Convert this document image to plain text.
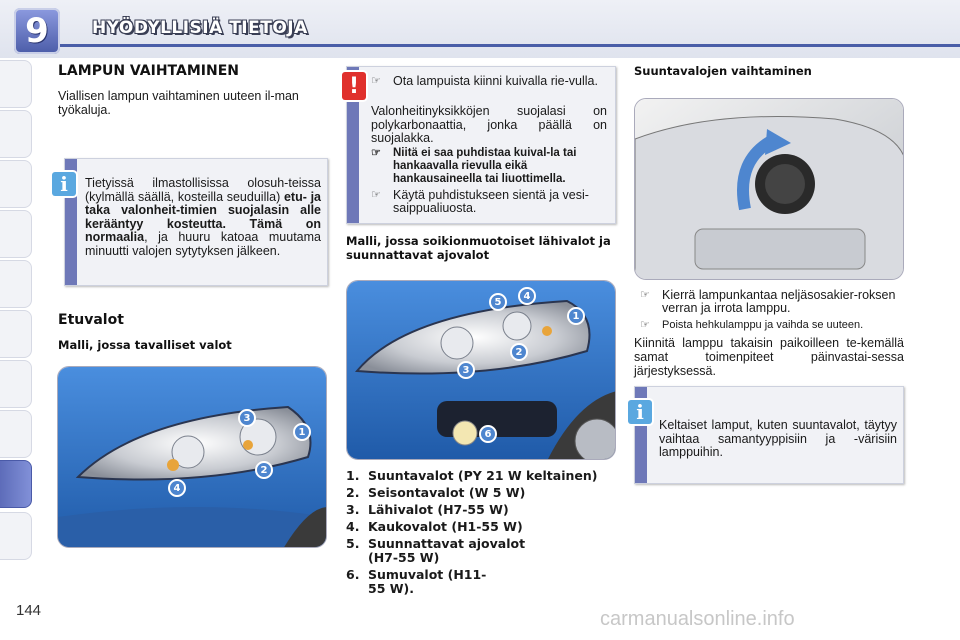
9	HYÖDYLLISIÄ TIETOJA
144
LAMPUN VAIHTAMINEN
Viallisen lampun vaihtaminen uuteen il-man työkaluja.
Tietyissä ilmastollisissa olosuh-teissa (kylmällä säällä, kosteilla seuduilla) etu- ja taka valonheit-timien suojalasin alle kerääntyy kosteutta. Tämä on normaalia, ja huuru katoaa muutama minuutti valojen sytytyksen jälkeen.
i
Etuvalot
Malli, jossa tavalliset valot
1
2
3
4
☞ Ota lampuista kiinni kuivalla rie-vulla.
Valonheitinyksikköjen suojalasi on polykarbonaattia, jonka päällä on suojalakka.
☞	Niitä ei saa puhdistaa kuival-la tai hankaavalla rievulla eikä hankausaineella tai liuottimella.
☞ Käytä puhdistukseen sientä ja vesi-saippualiuosta.
!
Malli, jossa soikionmuotoiset lähivalot ja suunnattavat ajovalot
1
2
3
4
5
6
1. Suuntavalot (PY 21 W keltainen)
2. Seisontavalot (W 5 W)
3. Lähivalot (H7-55 W)
4. Kaukovalot (H1-55 W)
5. Suunnattavat ajovalot (H7-55 W)
6. Sumuvalot (H11-55 W).
Suuntavalojen vaihtaminen
☞ Kierrä lampunkantaa neljäsosakier-roksen verran ja irrota lamppu.
☞	Poista hehkulamppu ja vaihda se uuteen.
Kiinnitä lamppu takaisin paikoilleen te-kemällä samat toimenpiteet päinvastai-sessa järjestyksessä.
Keltaiset lamput, kuten suuntavalot, täytyy vaihtaa samantyyppisiin ja -värisiin lamppuihin.
i
carmanualsonline.info
